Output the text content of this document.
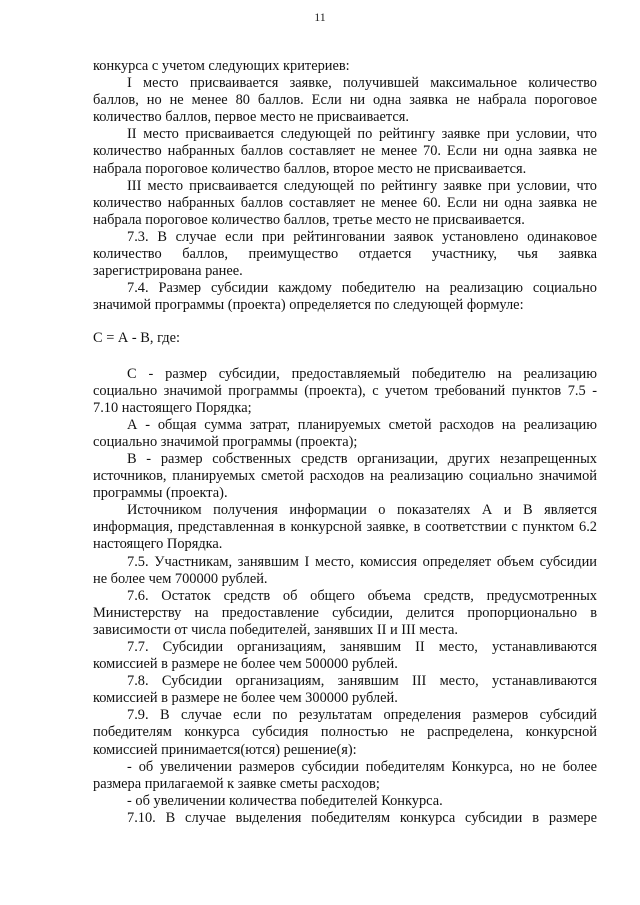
11

конкурса с учетом следующих критериев:

I место присваивается заявке, получившей максимальное количество баллов, но не менее 80 баллов. Если ни одна заявка не набрала пороговое количество баллов, первое место не присваивается.

II место присваивается следующей по рейтингу заявке при условии, что количество набранных баллов составляет не менее 70. Если ни одна заявка не набрала пороговое количество баллов, второе место не присваивается.

III место присваивается следующей по рейтингу заявке при условии, что количество набранных баллов составляет не менее 60. Если ни одна заявка не набрала пороговое количество баллов, третье место не присваивается.

7.3. В случае если при рейтинговании заявок установлено одинаковое количество баллов, преимущество отдается участнику, чья заявка зарегистрирована ранее.

7.4. Размер субсидии каждому победителю на реализацию социально значимой программы (проекта) определяется по следующей формуле:

С = А - В, где:

С - размер субсидии, предоставляемый победителю на реализацию социально значимой программы (проекта), с учетом требований пунктов 7.5 - 7.10 настоящего Порядка;

А - общая сумма затрат, планируемых сметой расходов на реализацию социально значимой программы (проекта);

В - размер собственных средств организации, других незапрещенных источников, планируемых сметой расходов на реализацию социально значимой программы (проекта).

Источником получения информации о показателях А и В является информация, представленная в конкурсной заявке, в соответствии с пунктом 6.2 настоящего Порядка.

7.5. Участникам, занявшим I место, комиссия определяет объем субсидии не более чем 700000 рублей.

7.6. Остаток средств об общего объема средств, предусмотренных Министерству на предоставление субсидии, делится пропорционально в зависимости от числа победителей, занявших II и III места.

7.7. Субсидии организациям, занявшим II место, устанавливаются комиссией в размере не более чем 500000 рублей.

7.8. Субсидии организациям, занявшим III место, устанавливаются комиссией в размере не более чем 300000 рублей.

7.9. В случае если по результатам определения размеров субсидий победителям конкурса субсидия полностью не распределена, конкурсной комиссией принимается(ются) решение(я):

- об увеличении размеров субсидии победителям Конкурса, но не более размера прилагаемой к заявке сметы расходов;

- об увеличении количества победителей Конкурса.

7.10. В случае выделения победителям конкурса субсидии в размере
